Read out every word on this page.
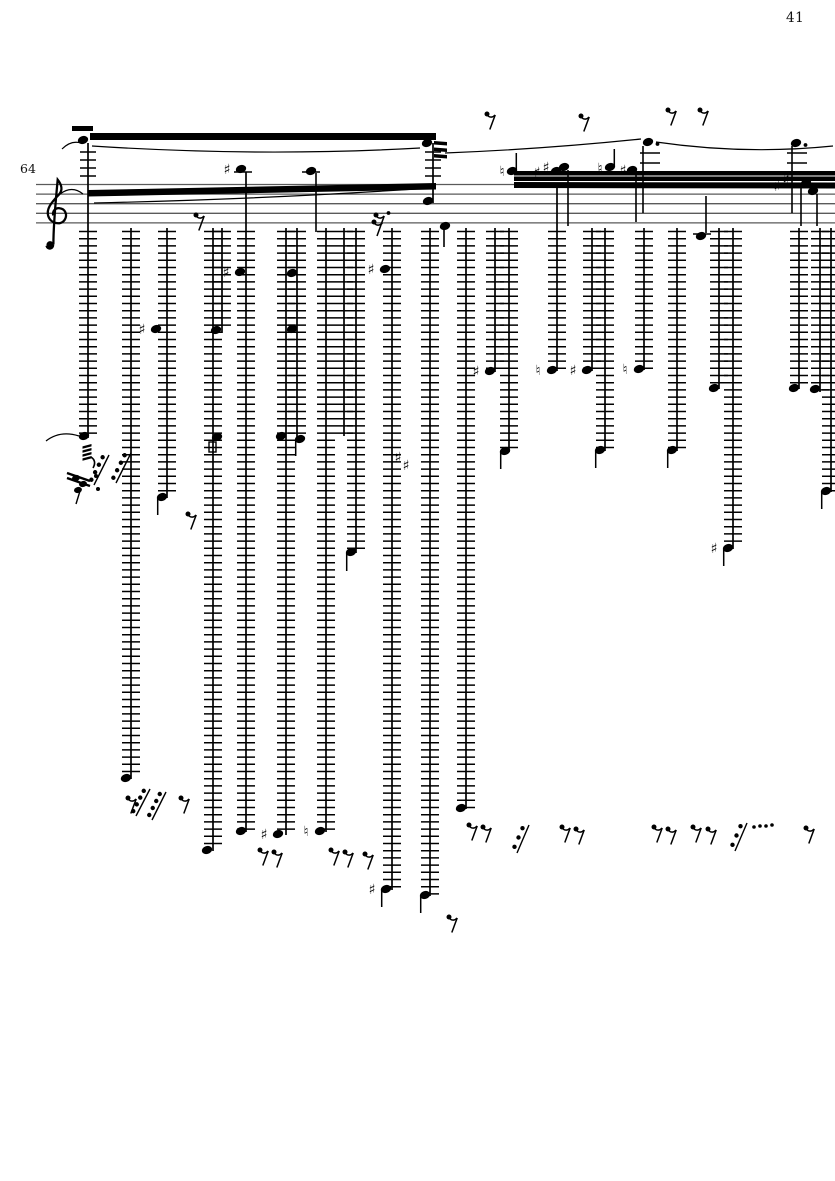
41
64
♯
♯
♯
♯	♮
♯
♯
♯	♮ ♯	♮
♯
♮ ♯ ♯	♮ ♯
♯ ♯
♯ ♯
